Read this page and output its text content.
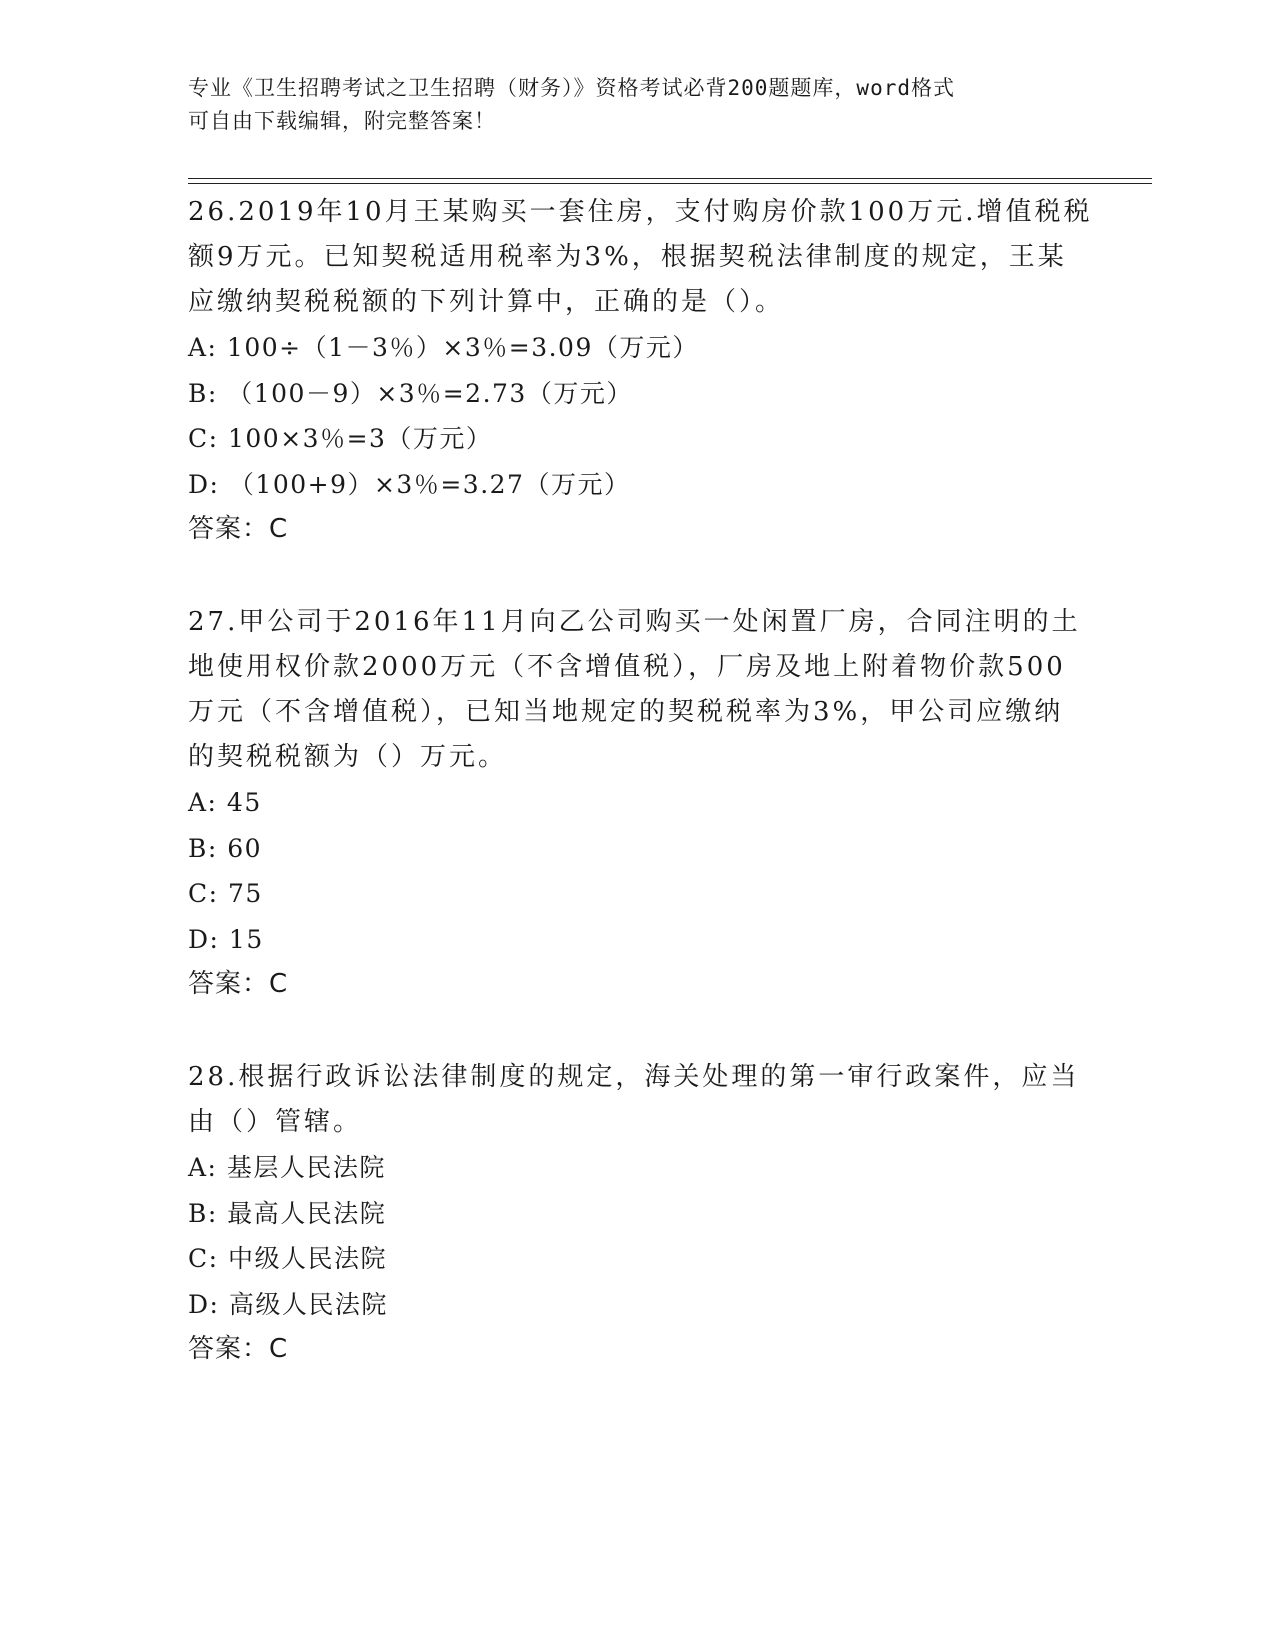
专业《卫生招聘考试之卫生招聘（财务）》资格考试必背200题题库，word格式
可自由下载编辑，附完整答案！
26.2019年10月王某购买一套住房，支付购房价款100万元.增值税税
额9万元。已知契税适用税率为3%，根据契税法律制度的规定，王某
应缴纳契税税额的下列计算中，正确的是（）。
A: 100÷（1－3％）×3％=3.09（万元）
B: （100－9）×3％=2.73（万元）
C: 100×3％=3（万元）
D: （100+9）×3％=3.27（万元）
答案：C
27.甲公司于2016年11月向乙公司购买一处闲置厂房，合同注明的土
地使用权价款2000万元（不含增值税），厂房及地上附着物价款500
万元（不含增值税），已知当地规定的契税税率为3%，甲公司应缴纳
的契税税额为（）万元。
A: 45
B: 60
C: 75
D: 15
答案：C
28.根据行政诉讼法律制度的规定，海关处理的第一审行政案件，应当
由（）管辖。
A: 基层人民法院
B: 最高人民法院
C: 中级人民法院
D: 高级人民法院
答案：C
